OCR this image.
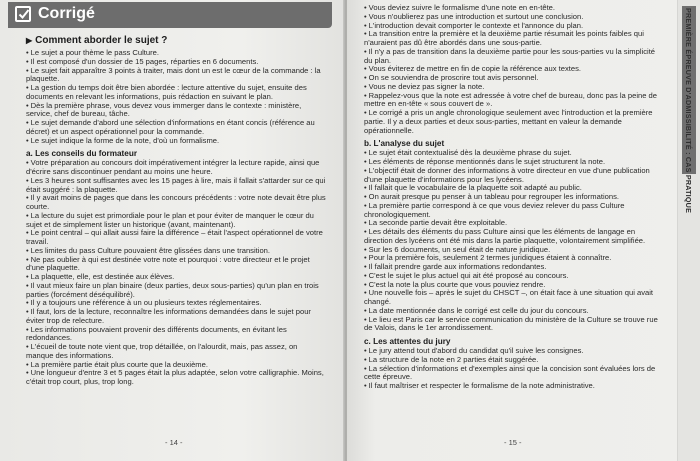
Corrigé
▶ Comment aborder le sujet ?
• Le sujet a pour thème le pass Culture.
• Il est composé d'un dossier de 15 pages, réparties en 6 documents.
• Le sujet fait apparaître 3 points à traiter, mais dont un est le cœur de la commande : la plaquette.
• La gestion du temps doit être bien abordée : lecture attentive du sujet, ensuite des documents en relevant les informations, puis rédaction en suivant le plan.
• Dès la première phrase, vous devez vous immerger dans le contexte : ministère, service, chef de bureau, tâche.
• Le sujet demande d'abord une sélection d'informations en étant concis (référence au décret) et un aspect opérationnel pour la commande.
• Le sujet indique la forme de la note, d'où un formalisme.
a. Les conseils du formateur
• Votre préparation au concours doit impérativement intégrer la lecture rapide, ainsi que d'écrire sans discontinuer pendant au moins une heure.
• Les 3 heures sont suffisantes avec les 15 pages à lire, mais il fallait s'attarder sur ce qui était suggéré : la plaquette.
• Il y avait moins de pages que dans les concours précédents : votre note devait être plus courte.
• La lecture du sujet est primordiale pour le plan et pour éviter de manquer le cœur du sujet et de simplement lister un historique (avant, maintenant).
• Le point central – qui allait aussi faire la différence – était l'aspect opérationnel de votre travail.
• Les limites du pass Culture pouvaient être glissées dans une transition.
• Ne pas oublier à qui est destinée votre note et pourquoi : votre directeur et le projet d'une plaquette.
• La plaquette, elle, est destinée aux élèves.
• Il vaut mieux faire un plan binaire (deux parties, deux sous-parties) qu'un plan en trois parties (forcément déséquilibré).
• Il y a toujours une référence à un ou plusieurs textes réglementaires.
• Il faut, lors de la lecture, reconnaître les informations demandées dans le sujet pour éviter trop de relecture.
• Les informations pouvaient provenir des différents documents, en évitant les redondances.
• L'écueil de toute note vient que, trop détaillée, on l'alourdit, mais, pas assez, on manque des informations.
• La première partie était plus courte que la deuxième.
• Une longueur d'entre 3 et 5 pages était la plus adaptée, selon votre calligraphie. Moins, c'était trop court, plus, trop long.
- 14 -
• Vous deviez suivre le formalisme d'une note en en-tête.
• Vous n'oublierez pas une introduction et surtout une conclusion.
• L'introduction devait comporter le contexte et l'annonce du plan.
• La transition entre la première et la deuxième partie résumait les points faibles qui n'auraient pas dû être abordés dans une sous-partie.
• Il n'y a pas de transition dans la deuxième partie pour les sous-parties vu la simplicité du plan.
• Vous éviterez de mettre en fin de copie la référence aux textes.
• On se souviendra de proscrire tout avis personnel.
• Vous ne deviez pas signer la note.
• Rappelez-vous que la note est adressée à votre chef de bureau, donc pas la peine de mettre en en-tête « sous couvert de ».
• Le corrigé a pris un angle chronologique seulement avec l'introduction et la première partie. Il y a deux parties et deux sous-parties, mettant en valeur la demande opérationnelle.
b. L'analyse du sujet
• Le sujet était contextualisé dès la deuxième phrase du sujet.
• Les éléments de réponse mentionnés dans le sujet structurent la note.
• L'objectif était de donner des informations à votre directeur en vue d'une publication d'une plaquette d'informations pour les lycéens.
• Il fallait que le vocabulaire de la plaquette soit adapté au public.
• On aurait presque pu penser à un tableau pour regrouper les informations.
• La première partie correspond à ce que vous deviez relever du pass Culture chronologiquement.
• La seconde partie devait être exploitable.
• Les détails des éléments du pass Culture ainsi que les éléments de langage en direction des lycéens ont été mis dans la partie plaquette, volontairement simplifiée.
• Sur les 6 documents, un seul était de nature juridique.
• Pour la première fois, seulement 2 termes juridiques étaient à connaître.
• Il fallait prendre garde aux informations redondantes.
• C'est le sujet le plus actuel qui ait été proposé au concours.
• C'est la note la plus courte que vous pouviez rendre.
• Une nouvelle fois – après le sujet du CHSCT –, on était face à une situation qui avait changé.
• La date mentionnée dans le corrigé est celle du jour du concours.
• Le lieu est Paris car le service communication du ministère de la Culture se trouve rue de Valois, dans le 1er arrondissement.
c. Les attentes du jury
• Le jury attend tout d'abord du candidat qu'il suive les consignes.
• La structure de la note en 2 parties était suggérée.
• La sélection d'informations et d'exemples ainsi que la concision sont évaluées lors de cette épreuve.
• Il faut maîtriser et respecter le formalisme de la note administrative.
- 15 -
PREMIÈRE ÉPREUVE D'ADMISSIBILITÉ : CAS PRATIQUE
